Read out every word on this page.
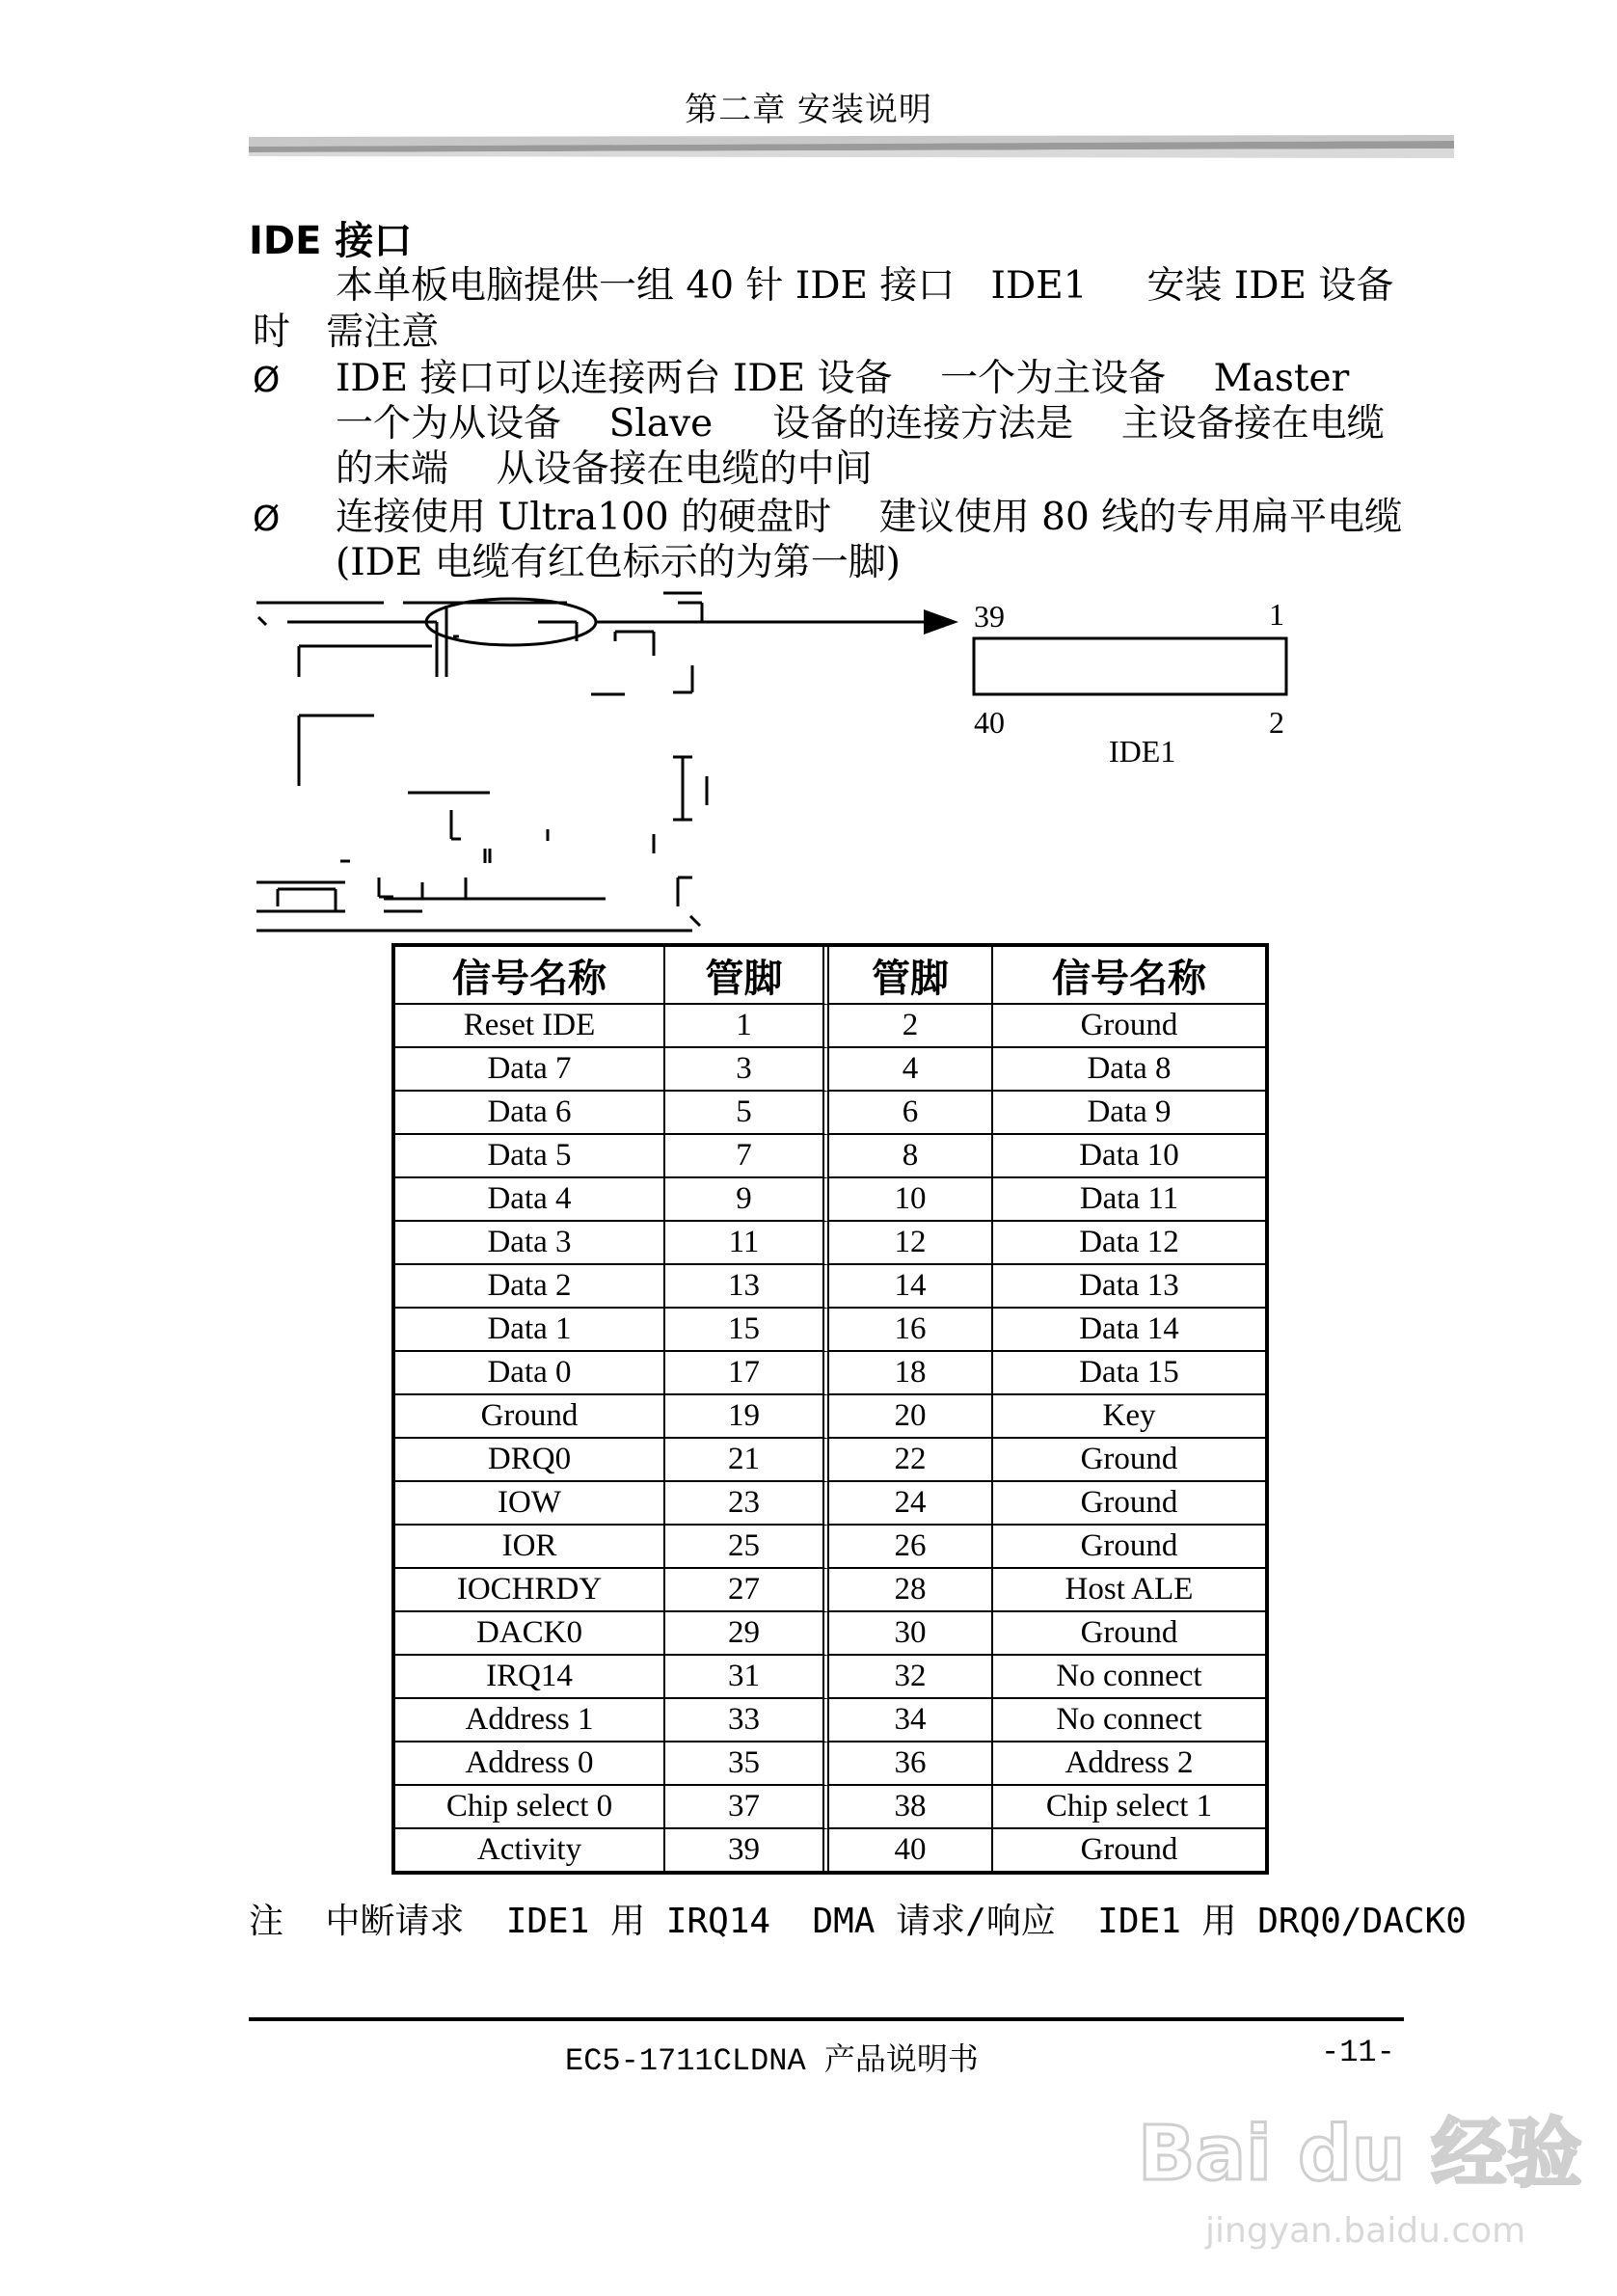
第二章 安装说明
IDE 接口
本单板电脑提供一组 40 针 IDE 接口   IDE1     安装 IDE 设备
时   需注意
Ø IDE 接口可以连接两台 IDE 设备    一个为主设备    Master
一个为从设备    Slave     设备的连接方法是    主设备接在电缆
的末端    从设备接在电缆的中间
Ø 连接使用 Ultra100 的硬盘时    建议使用 80 线的专用扁平电缆
(IDE 电缆有红色标示的为第一脚)
39	1
40	2
IDE1
信号名称	管脚	管脚	信号名称
Reset IDE	1	2	Ground
Data 7	3	4	Data 8
Data 6	5	6	Data 9
Data 5	7	8	Data 10
Data 4	9	10	Data 11
Data 3	11	12	Data 12
Data 2	13	14	Data 13
Data 1	15	16	Data 14
Data 0	17	18	Data 15
Ground	19	20	Key
DRQ0	21	22	Ground
IOW	23	24	Ground
IOR	25	26	Ground
IOCHRDY	27	28	Host ALE
DACK0	29	30	Ground
IRQ14	31	32	No connect
Address 1	33	34	No connect
Address 0	35	36	Address 2
Chip select 0	37	38	Chip select 1
Activity	39	40	Ground
注  中断请求  IDE1 用 IRQ14  DMA 请求/响应  IDE1 用 DRQ0/DACK0
EC5-1711CLDNA 产品说明书	-11-
Bai du 经验
jingyan.baidu.com
